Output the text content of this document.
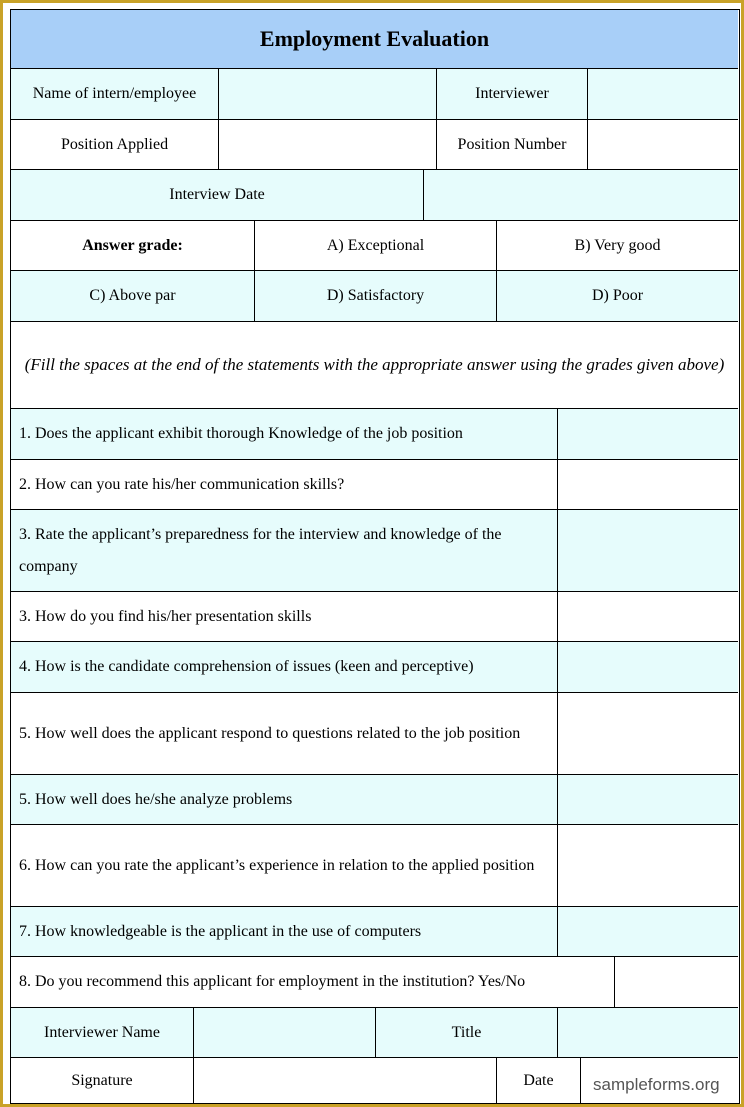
Employment Evaluation
Name of intern/employee	Interviewer
Position Applied	Position Number
Interview Date
Answer grade:	A) Exceptional	B) Very good
C) Above par	D) Satisfactory	D) Poor
(Fill the spaces at the end of the statements with the appropriate answer using the grades given above)
1. Does the applicant exhibit thorough Knowledge of the job position
2. How can you rate his/her communication skills?
3. Rate the applicant’s preparedness for the interview and knowledge of the company
3. How do you find his/her presentation skills
4. How is the candidate comprehension of issues (keen and perceptive)
5. How well does the applicant respond to questions related to the job position
5. How well does he/she analyze problems
6. How can you rate the applicant’s experience in relation to the applied position
7. How knowledgeable is the applicant in the use of computers
8. Do you recommend this applicant for employment in the institution? Yes/No
Interviewer Name	Title
Signature	Date	sampleforms.org
